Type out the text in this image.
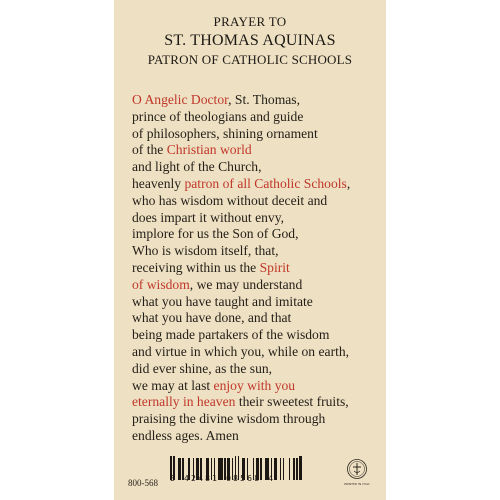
PRAYER TO
ST. THOMAS AQUINAS
PATRON OF CATHOLIC SCHOOLS
O Angelic Doctor, St. Thomas,
prince of theologians and guide
of philosophers, shining ornament
of the Christian world
and light of the Church,
heavenly patron of all Catholic Schools,
who has wisdom without deceit and
does impart it without envy,
implore for us the Son of God,
Who is wisdom itself, that,
receiving within us the Spirit
of wisdom, we may understand
what you have taught and imitate
what you have done, and that
being made partakers of the wisdom
and virtue in which you, while on earth,
did ever shine, as the sun,
we may at last enjoy with you
eternally in heaven their sweetest fruits,
praising the divine wisdom through
endless ages. Amen
8 42481 08568 4
800-568	PRINTED IN ITALY
